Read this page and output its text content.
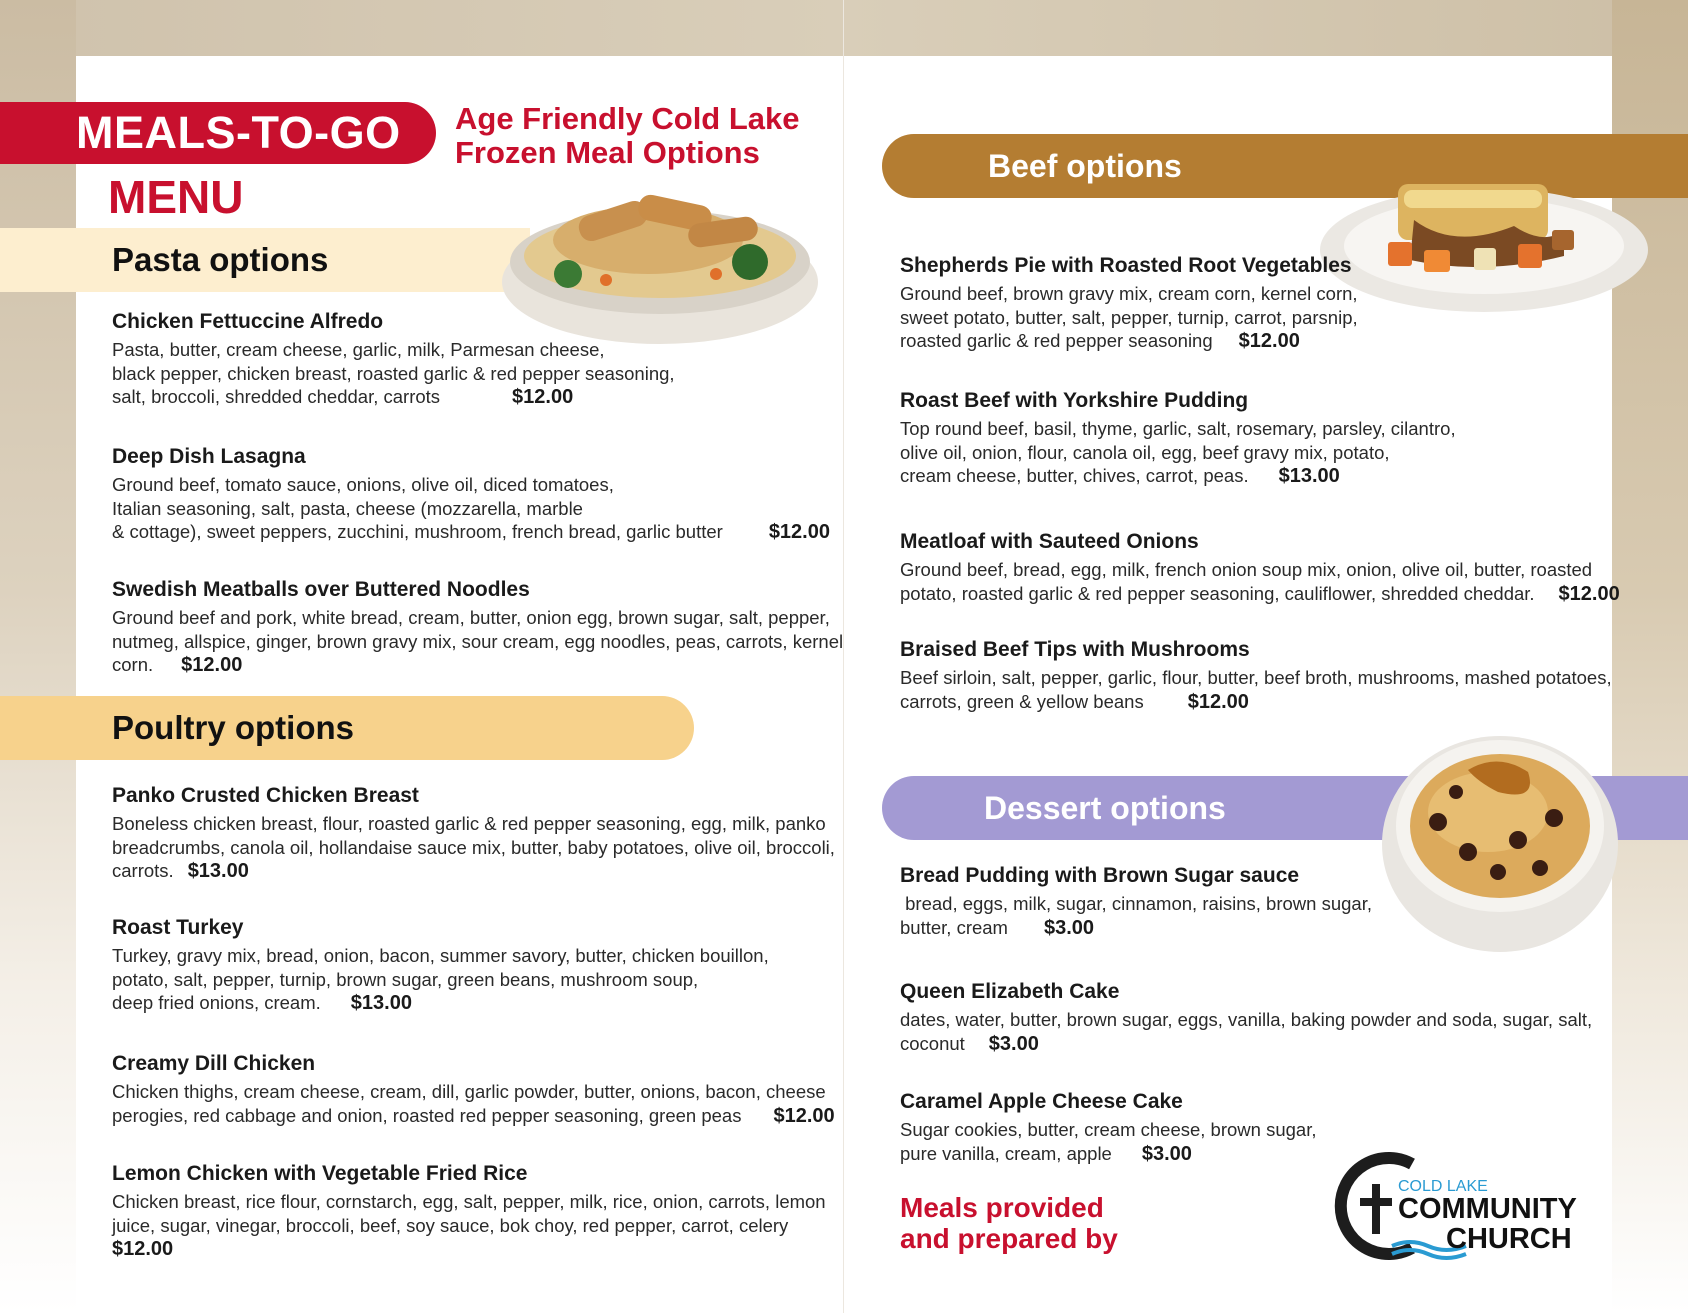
MEALS-TO-GO
MENU
Age Friendly Cold Lake
Frozen Meal Options
Pasta options
Poultry options
Beef options
Dessert options
Chicken Fettuccine Alfredo
Pasta, butter, cream cheese, garlic, milk, Parmesan cheese,
black pepper, chicken breast, roasted garlic & red pepper seasoning,
salt, broccoli, shredded cheddar, carrots	$12.00
Deep Dish Lasagna
Ground beef, tomato sauce, onions, olive oil, diced tomatoes,
Italian seasoning, salt, pasta, cheese (mozzarella, marble
& cottage), sweet peppers, zucchini, mushroom, french bread, garlic butter $12.00
Swedish Meatballs over Buttered Noodles
Ground beef and pork, white bread, cream, butter, onion egg, brown sugar, salt, pepper,
nutmeg, allspice, ginger, brown gravy mix, sour cream, egg noodles, peas, carrots, kernel
corn. $12.00
Panko Crusted Chicken Breast
Boneless chicken breast, flour, roasted garlic & red pepper seasoning, egg, milk, panko
breadcrumbs, canola oil, hollandaise sauce mix, butter, baby potatoes, olive oil, broccoli,
carrots. $13.00
Roast Turkey
Turkey, gravy mix, bread, onion, bacon, summer savory, butter, chicken bouillon,
potato, salt, pepper, turnip, brown sugar, green beans, mushroom soup,
deep fried onions, cream. $13.00
Creamy Dill Chicken
Chicken thighs, cream cheese, cream, dill, garlic powder, butter, onions, bacon, cheese
perogies, red cabbage and onion, roasted red pepper seasoning, green peas $12.00
Lemon Chicken with Vegetable Fried Rice
Chicken breast, rice flour, cornstarch, egg, salt, pepper, milk, rice, onion, carrots, lemon
juice, sugar, vinegar, broccoli, beef, soy sauce, bok choy, red pepper, carrot, celery
$12.00
Shepherds Pie with Roasted Root Vegetables
Ground beef, brown gravy mix, cream corn, kernel corn,
sweet potato, butter, salt, pepper, turnip, carrot, parsnip,
roasted garlic & red pepper seasoning $12.00
Roast Beef with Yorkshire Pudding
Top round beef, basil, thyme, garlic, salt, rosemary, parsley, cilantro,
olive oil, onion, flour, canola oil, egg, beef gravy mix, potato,
cream cheese, butter, chives, carrot, peas. $13.00
Meatloaf with Sauteed Onions
Ground beef, bread, egg, milk, french onion soup mix, onion, olive oil, butter, roasted
potato, roasted garlic & red pepper seasoning, cauliflower, shredded cheddar. $12.00
Braised Beef Tips with Mushrooms
Beef sirloin, salt, pepper, garlic, flour, butter, beef broth, mushrooms, mashed potatoes,
carrots, green & yellow beans $12.00
Bread Pudding with Brown Sugar sauce
bread, eggs, milk, sugar, cinnamon, raisins, brown sugar,
butter, cream $3.00
Queen Elizabeth Cake
dates, water, butter, brown sugar, eggs, vanilla, baking powder and soda, sugar, salt,
coconut $3.00
Caramel Apple Cheese Cake
Sugar cookies, butter, cream cheese, brown sugar,
pure vanilla, cream, apple $3.00
Meals provided
and prepared by
COLD LAKE
COMMUNITY
CHURCH
